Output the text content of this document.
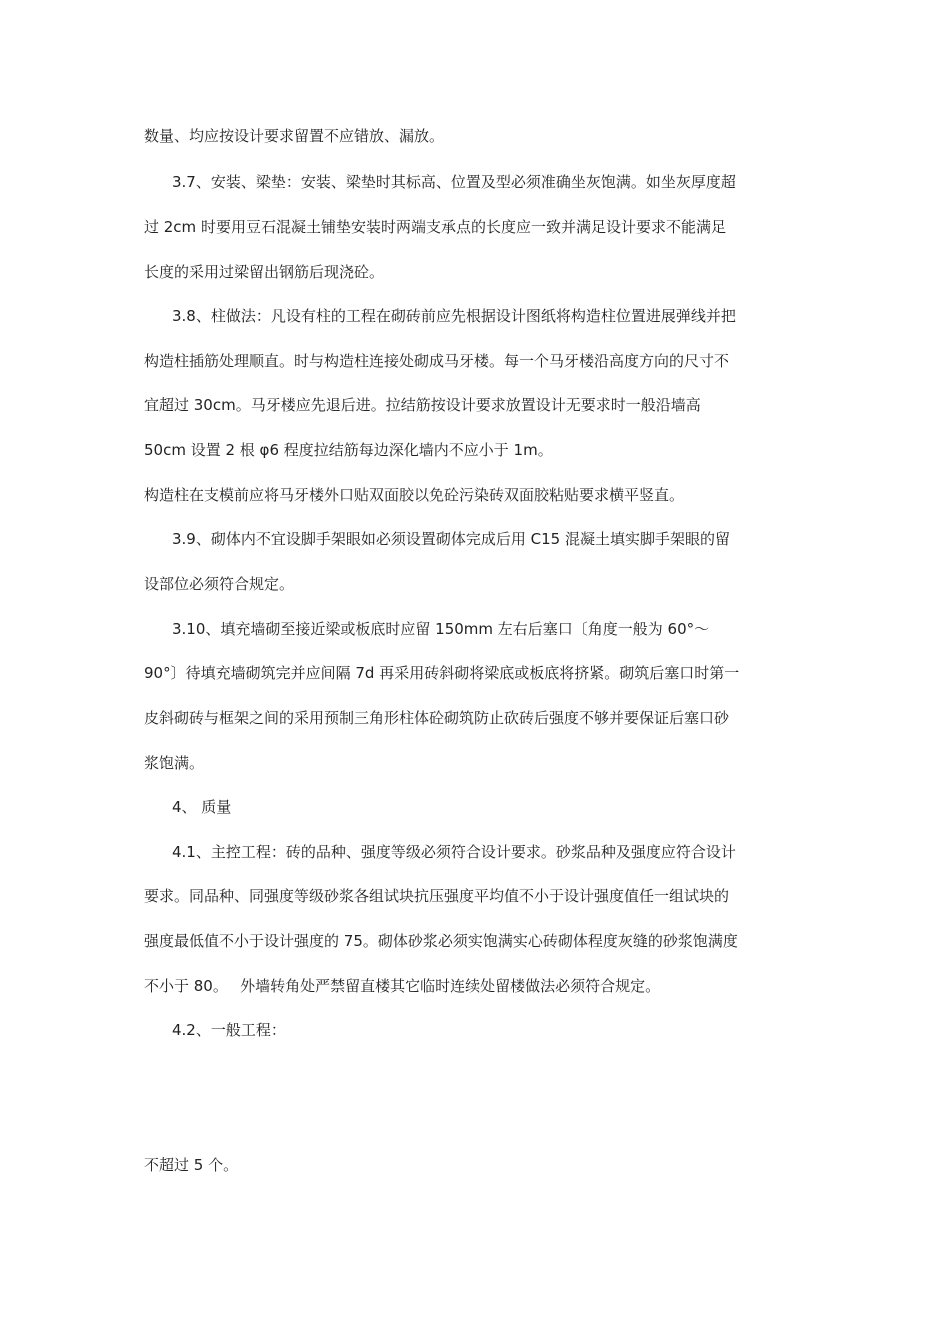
数量、均应按设计要求留置不应错放、漏放。
3.7、安装、梁垫：安装、梁垫时其标高、位置及型必须准确坐灰饱满。如坐灰厚度超
过 2cm 时要用豆石混凝土铺垫安装时两端支承点的长度应一致并满足设计要求不能满足
长度的采用过梁留出钢筋后现浇砼。
3.8、柱做法：凡设有柱的工程在砌砖前应先根据设计图纸将构造柱位置进展弹线并把
构造柱插筋处理顺直。时与构造柱连接处砌成马牙楼。每一个马牙楼沿高度方向的尺寸不
宜超过 30cm。马牙楼应先退后进。拉结筋按设计要求放置设计无要求时一般沿墙高
50cm 设置 2 根 φ6 程度拉结筋每边深化墙内不应小于 1m。
构造柱在支模前应将马牙楼外口贴双面胶以免砼污染砖双面胶粘贴要求横平竖直。
3.9、砌体内不宜设脚手架眼如必须设置砌体完成后用 C15 混凝土填实脚手架眼的留
设部位必须符合规定。
3.10、填充墙砌至接近梁或板底时应留 150mm 左右后塞口〔角度一般为 60°～
90°〕待填充墙砌筑完并应间隔 7d 再采用砖斜砌将梁底或板底将挤紧。砌筑后塞口时第一
皮斜砌砖与框架之间的采用预制三角形柱体砼砌筑防止砍砖后强度不够并要保证后塞口砂
浆饱满。
4、 质量
4.1、主控工程：砖的品种、强度等级必须符合设计要求。砂浆品种及强度应符合设计
要求。同品种、同强度等级砂浆各组试块抗压强度平均值不小于设计强度值任一组试块的
强度最低值不小于设计强度的 75。砌体砂浆必须实饱满实心砖砌体程度灰缝的砂浆饱满度
不小于 80。　 外墙转角处严禁留直楼其它临时连续处留楼做法必须符合规定。
4.2、一般工程：
不超过 5 个。
